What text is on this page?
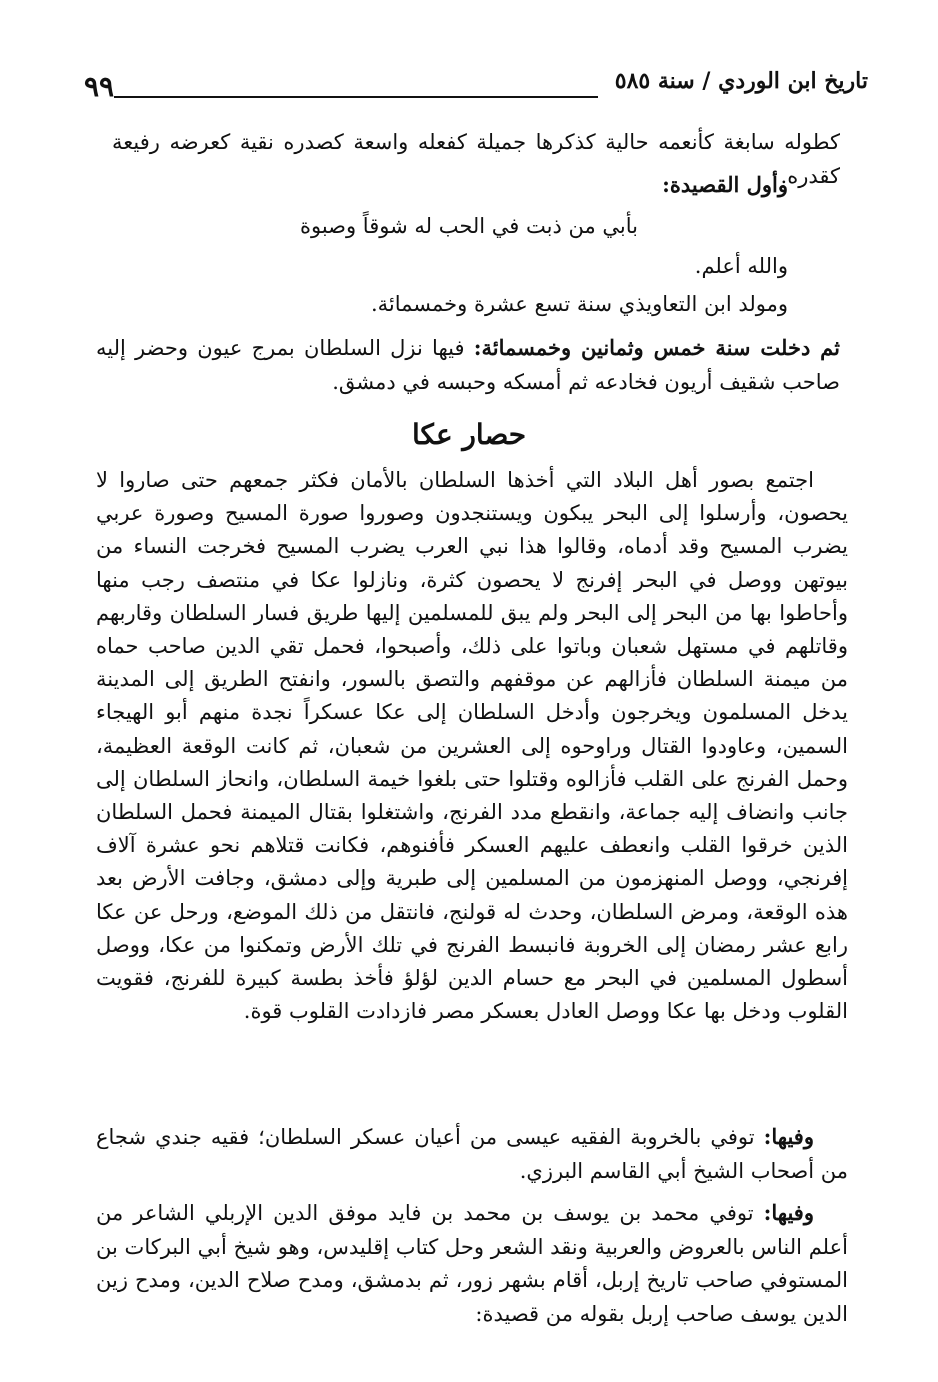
٩٩	تاريخ ابن الوردي / سنة ٥٨٥
كطوله سابغة كأنعمه حالية كذكرها جميلة كفعله واسعة كصدره نقية كعرضه رفيعة كقدره.
وأول القصيدة:
بأبي من ذبت في الحب له شوقاً وصبوة
والله أعلم.
ومولد ابن التعاويذي سنة تسع عشرة وخمسمائة.
ثم دخلت سنة خمس وثمانين وخمسمائة: فيها نزل السلطان بمرج عيون وحضر إليه صاحب شقيف أريون فخادعه ثم أمسكه وحبسه في دمشق.
حصار عكا
اجتمع بصور أهل البلاد التي أخذها السلطان بالأمان فكثر جمعهم حتى صاروا لا يحصون، وأرسلوا إلى البحر يبكون ويستنجدون وصوروا صورة المسيح وصورة عربي يضرب المسيح وقد أدماه، وقالوا هذا نبي العرب يضرب المسيح فخرجت النساء من بيوتهن ووصل في البحر إفرنج لا يحصون كثرة، ونازلوا عكا في منتصف رجب منها وأحاطوا بها من البحر إلى البحر ولم يبق للمسلمين إليها طريق فسار السلطان وقاربهم وقاتلهم في مستهل شعبان وباتوا على ذلك، وأصبحوا، فحمل تقي الدين صاحب حماه من ميمنة السلطان فأزالهم عن موقفهم والتصق بالسور، وانفتح الطريق إلى المدينة يدخل المسلمون ويخرجون وأدخل السلطان إلى عكا عسكراً نجدة منهم أبو الهيجاء السمين، وعاودوا القتال وراوحوه إلى العشرين من شعبان، ثم كانت الوقعة العظيمة، وحمل الفرنج على القلب فأزالوه وقتلوا حتى بلغوا خيمة السلطان، وانحاز السلطان إلى جانب وانضاف إليه جماعة، وانقطع مدد الفرنج، واشتغلوا بقتال الميمنة فحمل السلطان الذين خرقوا القلب وانعطف عليهم العسكر فأفنوهم، فكانت قتلاهم نحو عشرة آلاف إفرنجي، ووصل المنهزمون من المسلمين إلى طبرية وإلى دمشق، وجافت الأرض بعد هذه الوقعة، ومرض السلطان، وحدث له قولنج، فانتقل من ذلك الموضع، ورحل عن عكا رابع عشر رمضان إلى الخروبة فانبسط الفرنج في تلك الأرض وتمكنوا من عكا، ووصل أسطول المسلمين في البحر مع حسام الدين لؤلؤ فأخذ بطسة كبيرة للفرنج، فقويت القلوب ودخل بها عكا ووصل العادل بعسكر مصر فازدادت القلوب قوة.
وفيها: توفي بالخروبة الفقيه عيسى من أعيان عسكر السلطان؛ فقيه جندي شجاع من أصحاب الشيخ أبي القاسم البرزي.
وفيها: توفي محمد بن يوسف بن محمد بن فايد موفق الدين الإربلي الشاعر من أعلم الناس بالعروض والعربية ونقد الشعر وحل كتاب إقليدس، وهو شيخ أبي البركات بن المستوفي صاحب تاريخ إربل، أقام بشهر زور، ثم بدمشق، ومدح صلاح الدين، ومدح زين الدين يوسف صاحب إربل بقوله من قصيدة:
